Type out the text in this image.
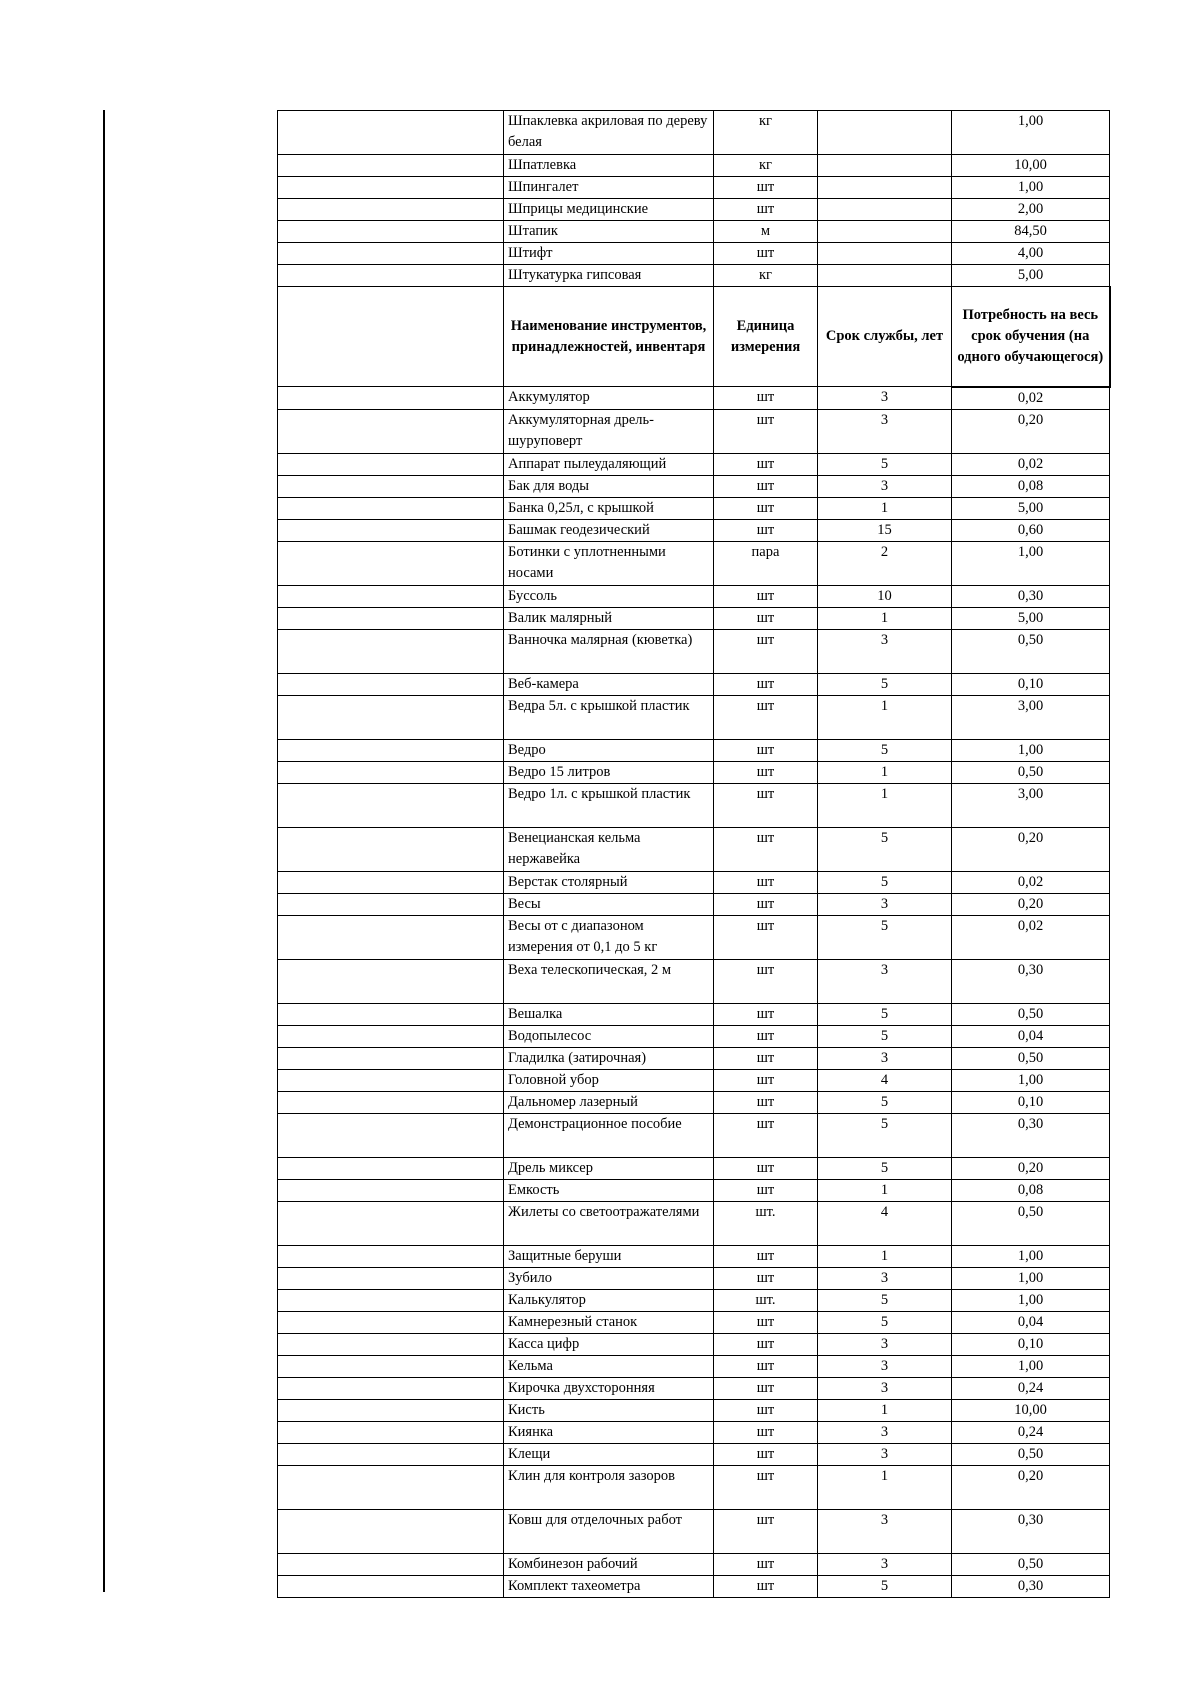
	Шпаклевка акриловая по дереву белая	кг		1,00
	Шпатлевка	кг		10,00
	Шпингалет	шт		1,00
	Шприцы медицинские	шт		2,00
	Штапик	м		84,50
	Штифт	шт		4,00
	Штукатурка гипсовая	кг		5,00
	Наименование инструментов, принадлежностей, инвентаря	Единица измерения	Срок службы, лет	Потребность на весь срок обучения (на одного обучающегося)
	Аккумулятор	шт	3	0,02
	Аккумуляторная дрель-шуруповерт	шт	3	0,20
	Аппарат пылеудаляющий	шт	5	0,02
	Бак для воды	шт	3	0,08
	Банка 0,25л, с крышкой	шт	1	5,00
	Башмак геодезический	шт	15	0,60
	Ботинки с уплотненными носами	пара	2	1,00
	Буссоль	шт	10	0,30
	Валик малярный	шт	1	5,00
	Ванночка малярная (кюветка)	шт	3	0,50
	Веб-камера	шт	5	0,10
	Ведра 5л. с крышкой пластик	шт	1	3,00
	Ведро	шт	5	1,00
	Ведро 15 литров	шт	1	0,50
	Ведро 1л. с крышкой пластик	шт	1	3,00
	Венецианская кельма нержавейка	шт	5	0,20
	Верстак столярный	шт	5	0,02
	Весы	шт	3	0,20
	Весы от с диапазоном измерения от 0,1 до 5 кг	шт	5	0,02
	Веха телескопическая, 2 м	шт	3	0,30
	Вешалка	шт	5	0,50
	Водопылесос	шт	5	0,04
	Гладилка (затирочная)	шт	3	0,50
	Головной убор	шт	4	1,00
	Дальномер лазерный	шт	5	0,10
	Демонстрационное пособие	шт	5	0,30
	Дрель миксер	шт	5	0,20
	Емкость	шт	1	0,08
	Жилеты со светоотражателями	шт.	4	0,50
	Защитные беруши	шт	1	1,00
	Зубило	шт	3	1,00
	Калькулятор	шт.	5	1,00
	Камнерезный станок	шт	5	0,04
	Касса цифр	шт	3	0,10
	Кельма	шт	3	1,00
	Кирочка двухсторонняя	шт	3	0,24
	Кисть	шт	1	10,00
	Киянка	шт	3	0,24
	Клещи	шт	3	0,50
	Клин для контроля зазоров	шт	1	0,20
	Ковш для отделочных работ	шт	3	0,30
	Комбинезон рабочий	шт	3	0,50
	Комплект тахеометра	шт	5	0,30
